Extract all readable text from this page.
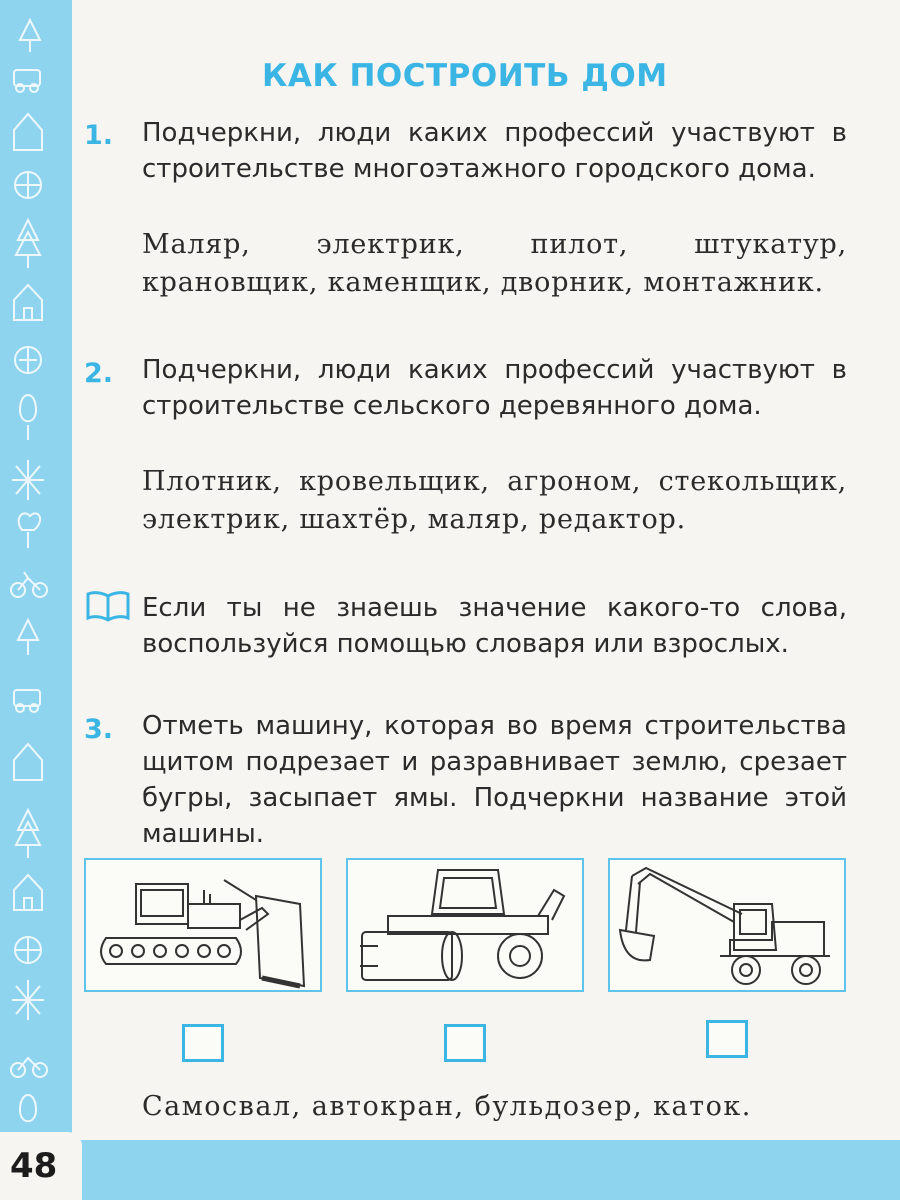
48
КАК ПОСТРОИТЬ ДОМ
1. Подчеркни, люди каких профессий участвуют в строительстве многоэтажного городского дома.
Маляр, электрик, пилот, штукатур, крановщик, каменщик, дворник, монтажник.
2. Подчеркни, люди каких профессий участвуют в строительстве сельского деревянного дома.
Плотник, кровельщик, агроном, стекольщик, электрик, шахтёр, маляр, редактор.
Если ты не знаешь значение какого-то слова, воспользуйся помощью словаря или взрослых.
3. Отметь машину, которая во время строительства щитом подрезает и разравнивает землю, срезает бугры, засыпает ямы. Подчеркни название этой машины.
Самосвал, автокран, бульдозер, каток.
